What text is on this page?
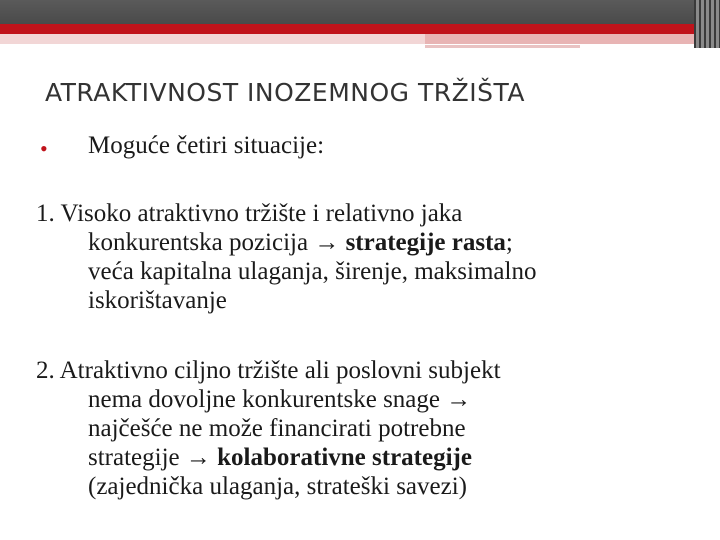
ATRAKTIVNOST INOZEMNOG TRŽIŠTA
• Moguće četiri situacije:
1. Visoko atraktivno tržište i relativno jaka
konkurentska pozicija → strategije rasta;
veća kapitalna ulaganja, širenje, maksimalno
iskorištavanje
2. Atraktivno ciljno tržište ali poslovni subjekt
nema dovoljne konkurentske snage →
najčešće ne može financirati potrebne
strategije → kolaborativne strategije
(zajednička ulaganja, strateški savezi)
